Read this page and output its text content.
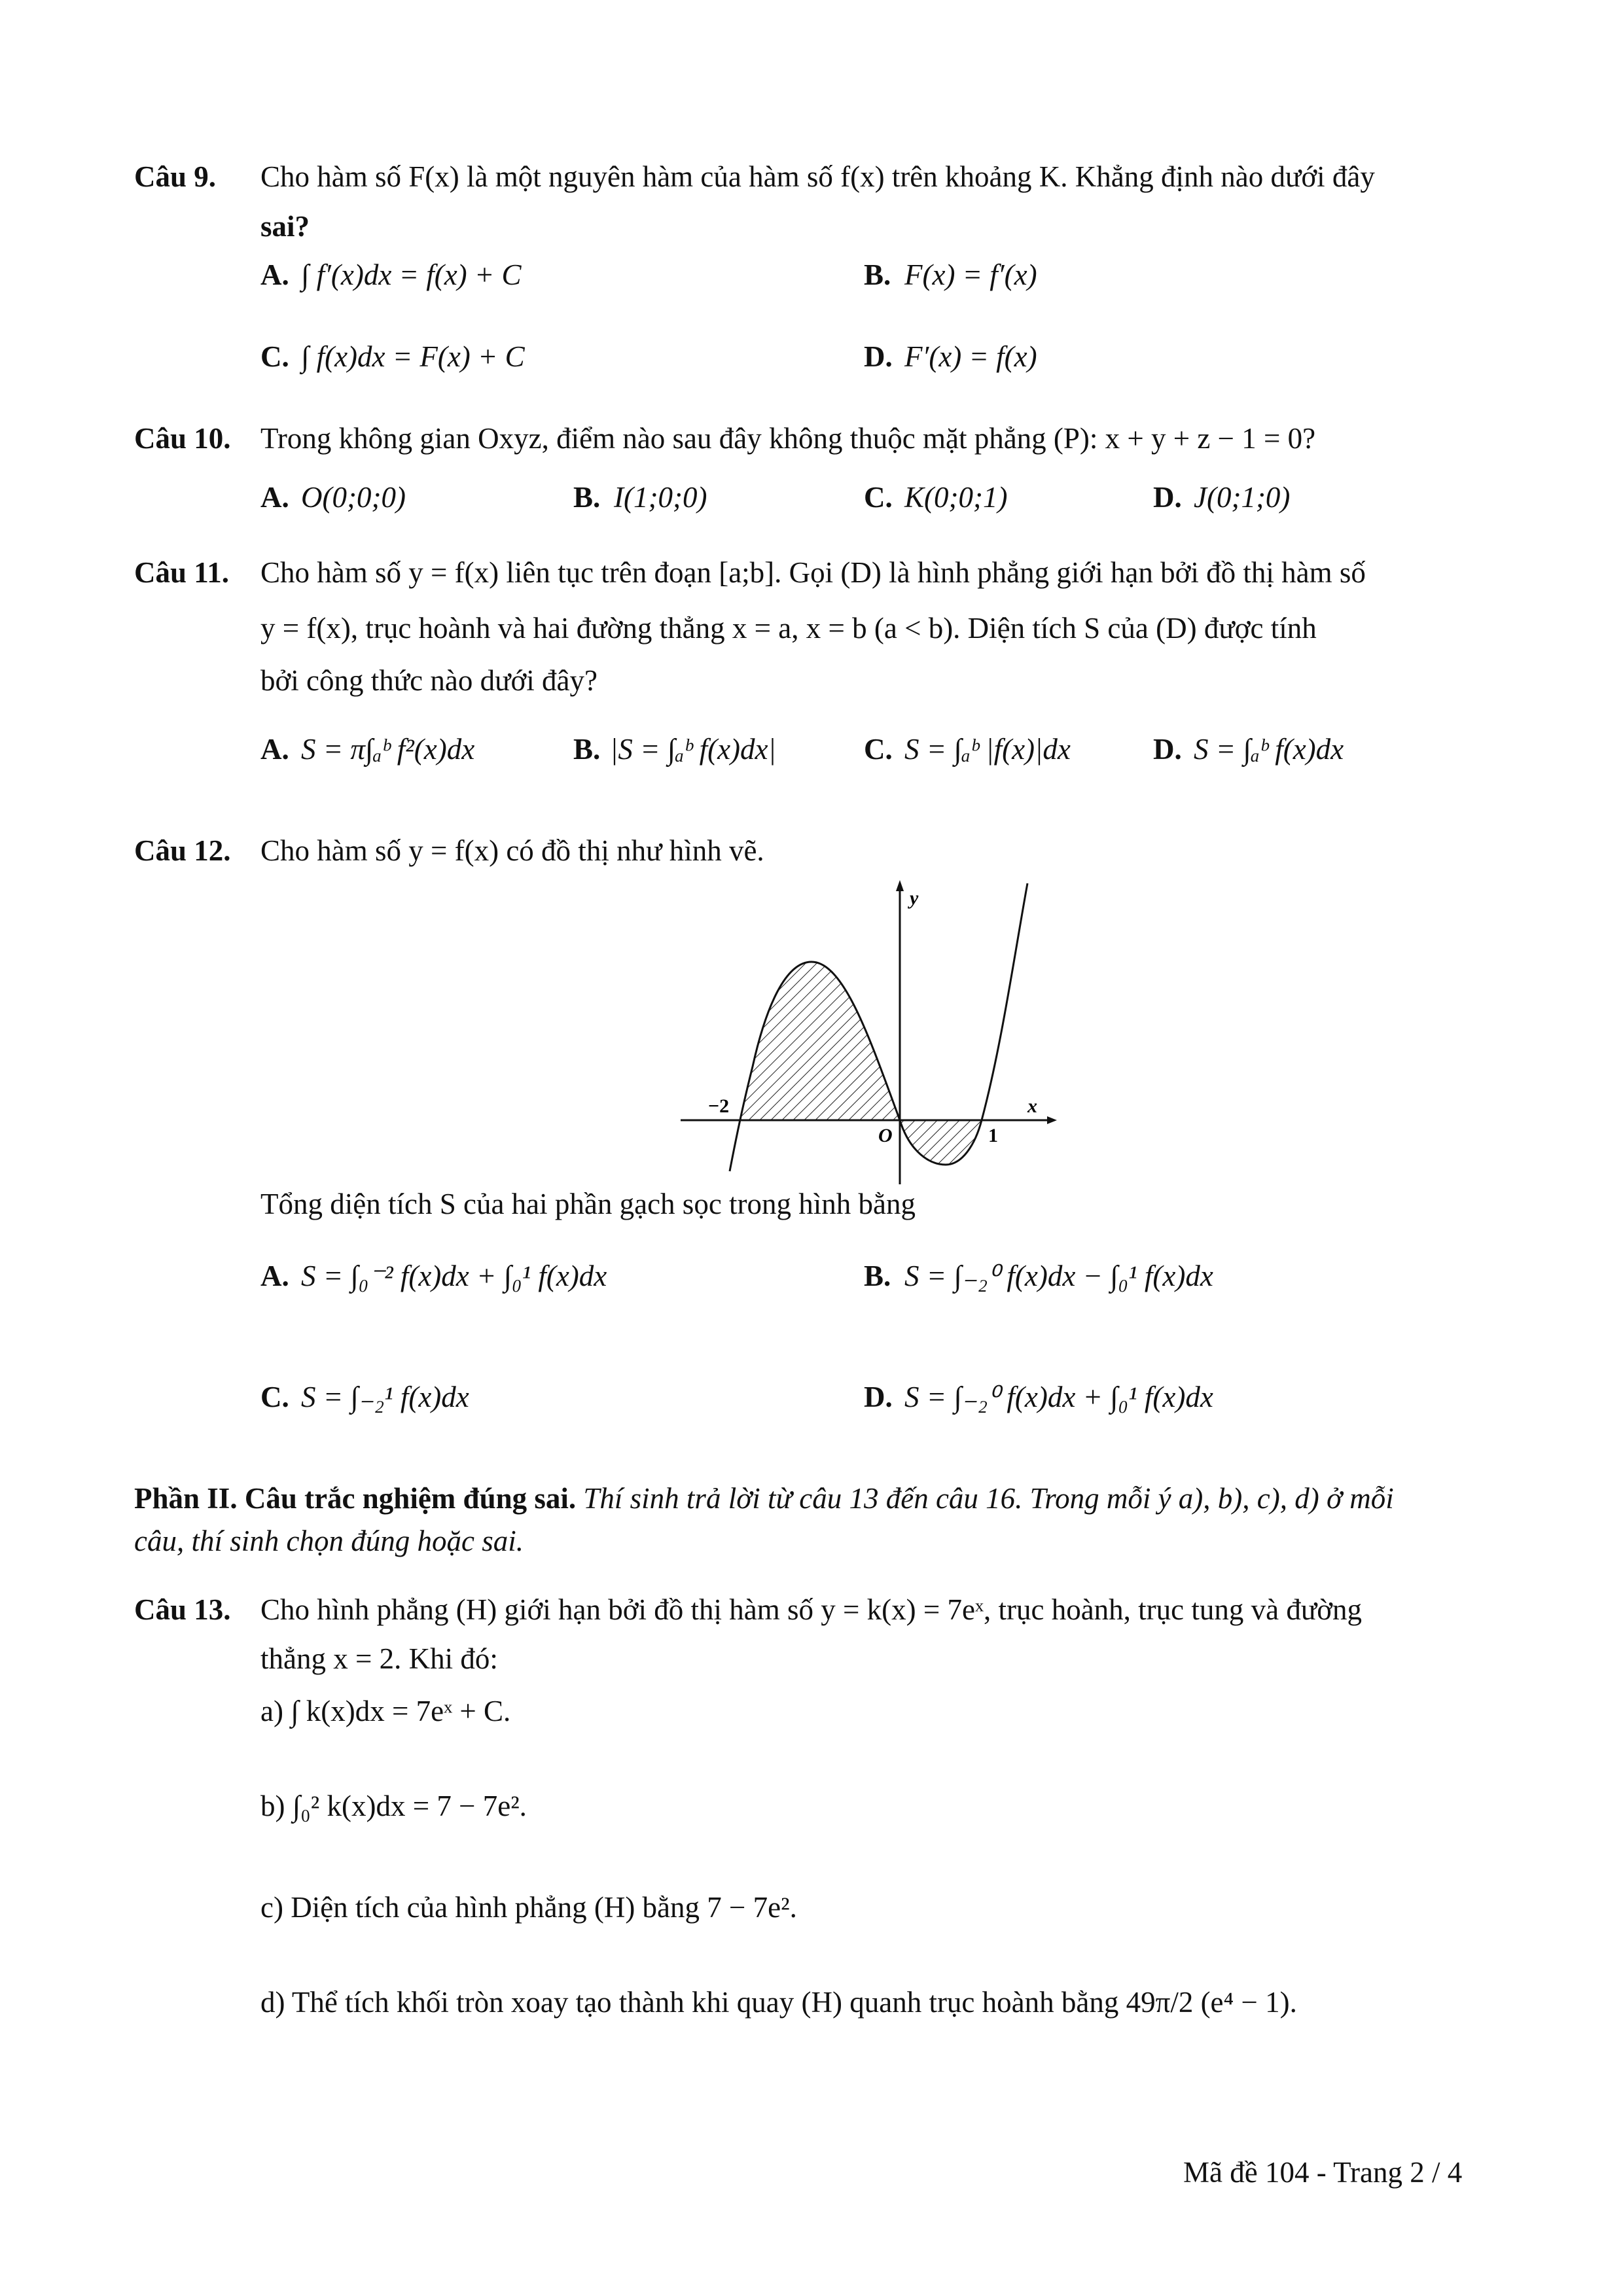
Câu 9. Cho hàm số F(x) là một nguyên hàm của hàm số f(x) trên khoảng K. Khẳng định nào dưới đây
sai?
A. ∫ f′(x)dx = f(x) + C	B. F(x) = f′(x)
C. ∫ f(x)dx = F(x) + C	D. F′(x) = f(x)
Câu 10. Trong không gian Oxyz, điểm nào sau đây không thuộc mặt phẳng (P): x + y + z − 1 = 0?
A. O(0;0;0)	B. I(1;0;0)	C. K(0;0;1)	D. J(0;1;0)
Câu 11. Cho hàm số y = f(x) liên tục trên đoạn [a;b]. Gọi (D) là hình phẳng giới hạn bởi đồ thị hàm số
y = f(x), trục hoành và hai đường thẳng x = a, x = b (a < b). Diện tích S của (D) được tính
bởi công thức nào dưới đây?
A. S = π∫ₐᵇ f²(x)dx	B. |S = ∫ₐᵇ f(x)dx|	C. S = ∫ₐᵇ |f(x)|dx	D. S = ∫ₐᵇ f(x)dx
Câu 12. Cho hàm số y = f(x) có đồ thị như hình vẽ.
y
x
O
−2
1
Tổng diện tích S của hai phần gạch sọc trong hình bằng
A. S = ∫₀⁻² f(x)dx + ∫₀¹ f(x)dx	B. S = ∫₋₂⁰ f(x)dx − ∫₀¹ f(x)dx
C. S = ∫₋₂¹ f(x)dx	D. S = ∫₋₂⁰ f(x)dx + ∫₀¹ f(x)dx
Phần II. Câu trắc nghiệm đúng sai. Thí sinh trả lời từ câu 13 đến câu 16. Trong mỗi ý a), b), c), d) ở mỗi
câu, thí sinh chọn đúng hoặc sai.
Câu 13. Cho hình phẳng (H) giới hạn bởi đồ thị hàm số y = k(x) = 7eˣ, trục hoành, trục tung và đường
thẳng x = 2. Khi đó:
a) ∫ k(x)dx = 7eˣ + C.
b) ∫₀² k(x)dx = 7 − 7e².
c) Diện tích của hình phẳng (H) bằng 7 − 7e².
d) Thể tích khối tròn xoay tạo thành khi quay (H) quanh trục hoành bằng 49π/2 (e⁴ − 1).
Mã đề 104 - Trang 2 / 4
